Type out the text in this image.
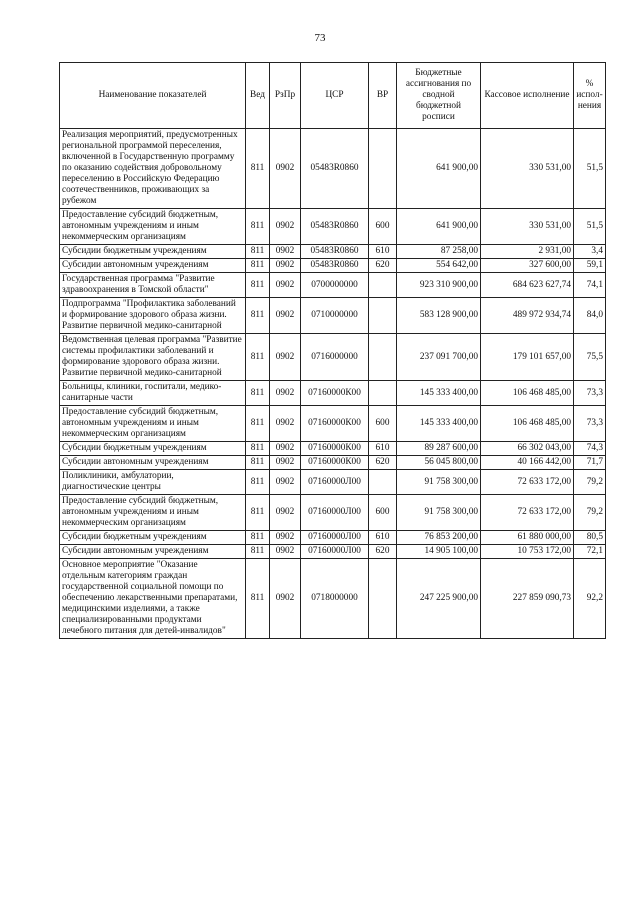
73
Наименование показателей	Вед	РзПр	ЦСР	ВР	Бюджетные ассигнования по сводной бюджетной росписи	Кассовое исполнение	% испол-нения
Реализация мероприятий, предусмотренных региональной программой переселения, включенной в Государственную программу по оказанию содействия добровольному переселению в Российскую Федерацию соотечественников, проживающих за рубежом	811	0902	05483R0860		641 900,00	330 531,00	51,5
Предоставление субсидий бюджетным, автономным учреждениям и иным некоммерческим организациям	811	0902	05483R0860	600	641 900,00	330 531,00	51,5
Субсидии бюджетным учреждениям	811	0902	05483R0860	610	87 258,00	2 931,00	3,4
Субсидии автономным учреждениям	811	0902	05483R0860	620	554 642,00	327 600,00	59,1
Государственная программа "Развитие здравоохранения в Томской области"	811	0902	0700000000		923 310 900,00	684 623 627,74	74,1
Подпрограмма "Профилактика заболеваний и формирование здорового образа жизни. Развитие первичной медико-санитарной	811	0902	0710000000		583 128 900,00	489 972 934,74	84,0
Ведомственная целевая программа "Развитие системы профилактики заболеваний и формирование здорового образа жизни. Развитие первичной медико-санитарной	811	0902	0716000000		237 091 700,00	179 101 657,00	75,5
Больницы, клиники, госпитали, медико-санитарные части	811	0902	07160000К00		145 333 400,00	106 468 485,00	73,3
Предоставление субсидий бюджетным, автономным учреждениям и иным некоммерческим организациям	811	0902	07160000К00	600	145 333 400,00	106 468 485,00	73,3
Субсидии бюджетным учреждениям	811	0902	07160000К00	610	89 287 600,00	66 302 043,00	74,3
Субсидии автономным учреждениям	811	0902	07160000К00	620	56 045 800,00	40 166 442,00	71,7
Поликлиники, амбулатории, диагностические центры	811	0902	07160000Л00		91 758 300,00	72 633 172,00	79,2
Предоставление субсидий бюджетным, автономным учреждениям и иным некоммерческим организациям	811	0902	07160000Л00	600	91 758 300,00	72 633 172,00	79,2
Субсидии бюджетным учреждениям	811	0902	07160000Л00	610	76 853 200,00	61 880 000,00	80,5
Субсидии автономным учреждениям	811	0902	07160000Л00	620	14 905 100,00	10 753 172,00	72,1
Основное мероприятие "Оказание отдельным категориям граждан государственной социальной помощи по обеспечению лекарственными препаратами, медицинскими изделиями, а также специализированными продуктами лечебного питания для детей-инвалидов"	811	0902	0718000000		247 225 900,00	227 859 090,73	92,2
